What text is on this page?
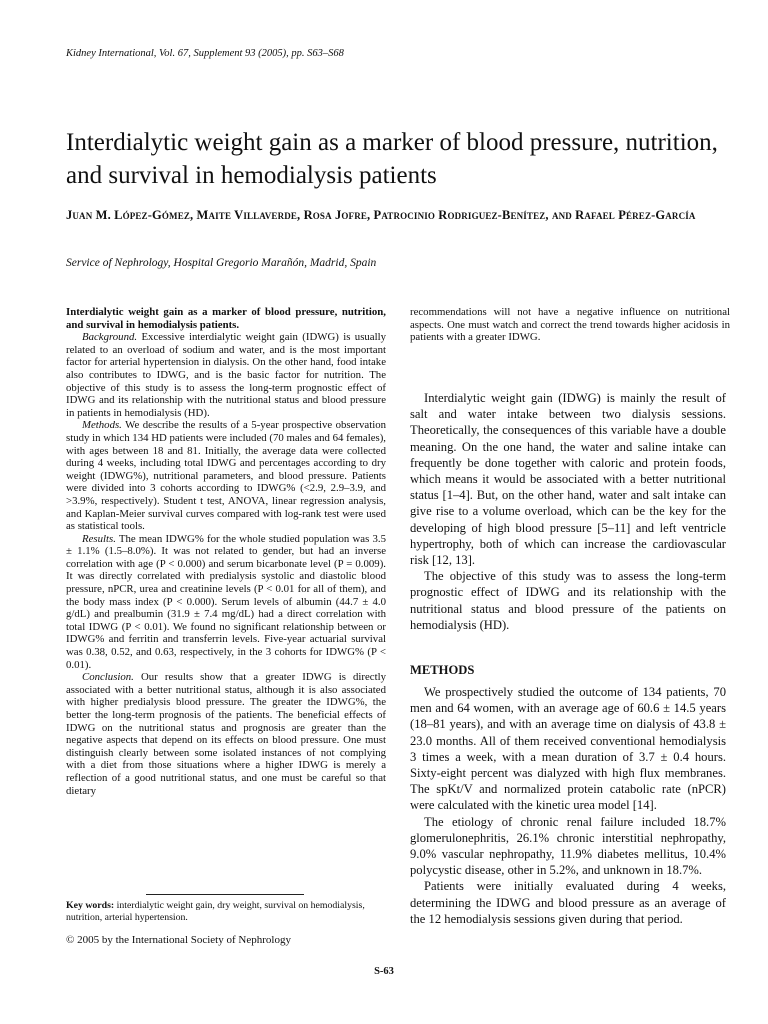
Kidney International, Vol. 67, Supplement 93 (2005), pp. S63–S68
Interdialytic weight gain as a marker of blood pressure, nutrition, and survival in hemodialysis patients

Juan M. López-Gómez, Maite Villaverde, Rosa Jofre, Patrocinio Rodriguez-Benítez, and Rafael Pérez-García

Service of Nephrology, Hospital Gregorio Marañón, Madrid, Spain

Interdialytic weight gain as a marker of blood pressure, nutrition, and survival in hemodialysis patients.

Background. Excessive interdialytic weight gain (IDWG) is usually related to an overload of sodium and water, and is the most important factor for arterial hypertension in dialysis. On the other hand, food intake also contributes to IDWG, and is the basic factor for nutrition. The objective of this study is to assess the long-term prognostic effect of IDWG and its relationship with the nutritional status and blood pressure in patients in hemodialysis (HD).

Methods. We describe the results of a 5-year prospective observation study in which 134 HD patients were included (70 males and 64 females), with ages between 18 and 81. Initially, the average data were collected during 4 weeks, including total IDWG and percentages according to dry weight (IDWG%), nutritional parameters, and blood pressure. Patients were divided into 3 cohorts according to IDWG% (<2.9, 2.9–3.9, and >3.9%, respectively). Student t test, ANOVA, linear regression analysis, and Kaplan-Meier survival curves compared with log-rank test were used as statistical tools.

Results. The mean IDWG% for the whole studied population was 3.5 ± 1.1% (1.5–8.0%). It was not related to gender, but had an inverse correlation with age (P < 0.000) and serum bicarbonate level (P = 0.009). It was directly correlated with predialysis systolic and diastolic blood pressure, nPCR, urea and creatinine levels (P < 0.01 for all of them), and the body mass index (P < 0.000). Serum levels of albumin (44.7 ± 4.0 g/dL) and prealbumin (31.9 ± 7.4 mg/dL) had a direct correlation with total IDWG (P < 0.01). We found no significant relationship between or IDWG% and ferritin and transferrin levels. Five-year actuarial survival was 0.38, 0.52, and 0.63, respectively, in the 3 cohorts for IDWG% (P < 0.01).

Conclusion. Our results show that a greater IDWG is directly associated with a better nutritional status, although it is also associated with higher predialysis blood pressure. The greater the IDWG%, the better the long-term prognosis of the patients. The beneficial effects of IDWG on the nutritional status and prognosis are greater than the negative aspects that depend on its effects on blood pressure. One must distinguish clearly between some isolated instances of not complying with a diet from those situations where a higher IDWG is merely a reflection of a good nutritional status, and one must be careful so that dietary

recommendations will not have a negative influence on nutritional aspects. One must watch and correct the trend towards higher acidosis in patients with a greater IDWG.

Key words: interdialytic weight gain, dry weight, survival on hemodialysis, nutrition, arterial hypertension.

© 2005 by the International Society of Nephrology

Interdialytic weight gain (IDWG) is mainly the result of salt and water intake between two dialysis sessions. Theoretically, the consequences of this variable have a double meaning. On the one hand, the water and saline intake can frequently be done together with caloric and protein foods, which means it would be associated with a better nutritional status [1–4]. But, on the other hand, water and salt intake can give rise to a volume overload, which can be the key for the developing of high blood pressure [5–11] and left ventricle hypertrophy, both of which can increase the cardiovascular risk [12, 13].

The objective of this study was to assess the long-term prognostic effect of IDWG and its relationship with the nutritional status and blood pressure of the patients on hemodialysis (HD).

METHODS

We prospectively studied the outcome of 134 patients, 70 men and 64 women, with an average age of 60.6 ± 14.5 years (18–81 years), and with an average time on dialysis of 43.8 ± 23.0 months. All of them received conventional hemodialysis 3 times a week, with a mean duration of 3.7 ± 0.4 hours. Sixty-eight percent was dialyzed with high flux membranes. The spKt/V and normalized protein catabolic rate (nPCR) were calculated with the kinetic urea model [14].

The etiology of chronic renal failure included 18.7% glomerulonephritis, 26.1% chronic interstitial nephropathy, 9.0% vascular nephropathy, 11.9% diabetes mellitus, 10.4% polycystic disease, other in 5.2%, and unknown in 18.7%.

Patients were initially evaluated during 4 weeks, determining the IDWG and blood pressure as an average of the 12 hemodialysis sessions given during that period.

S-63
